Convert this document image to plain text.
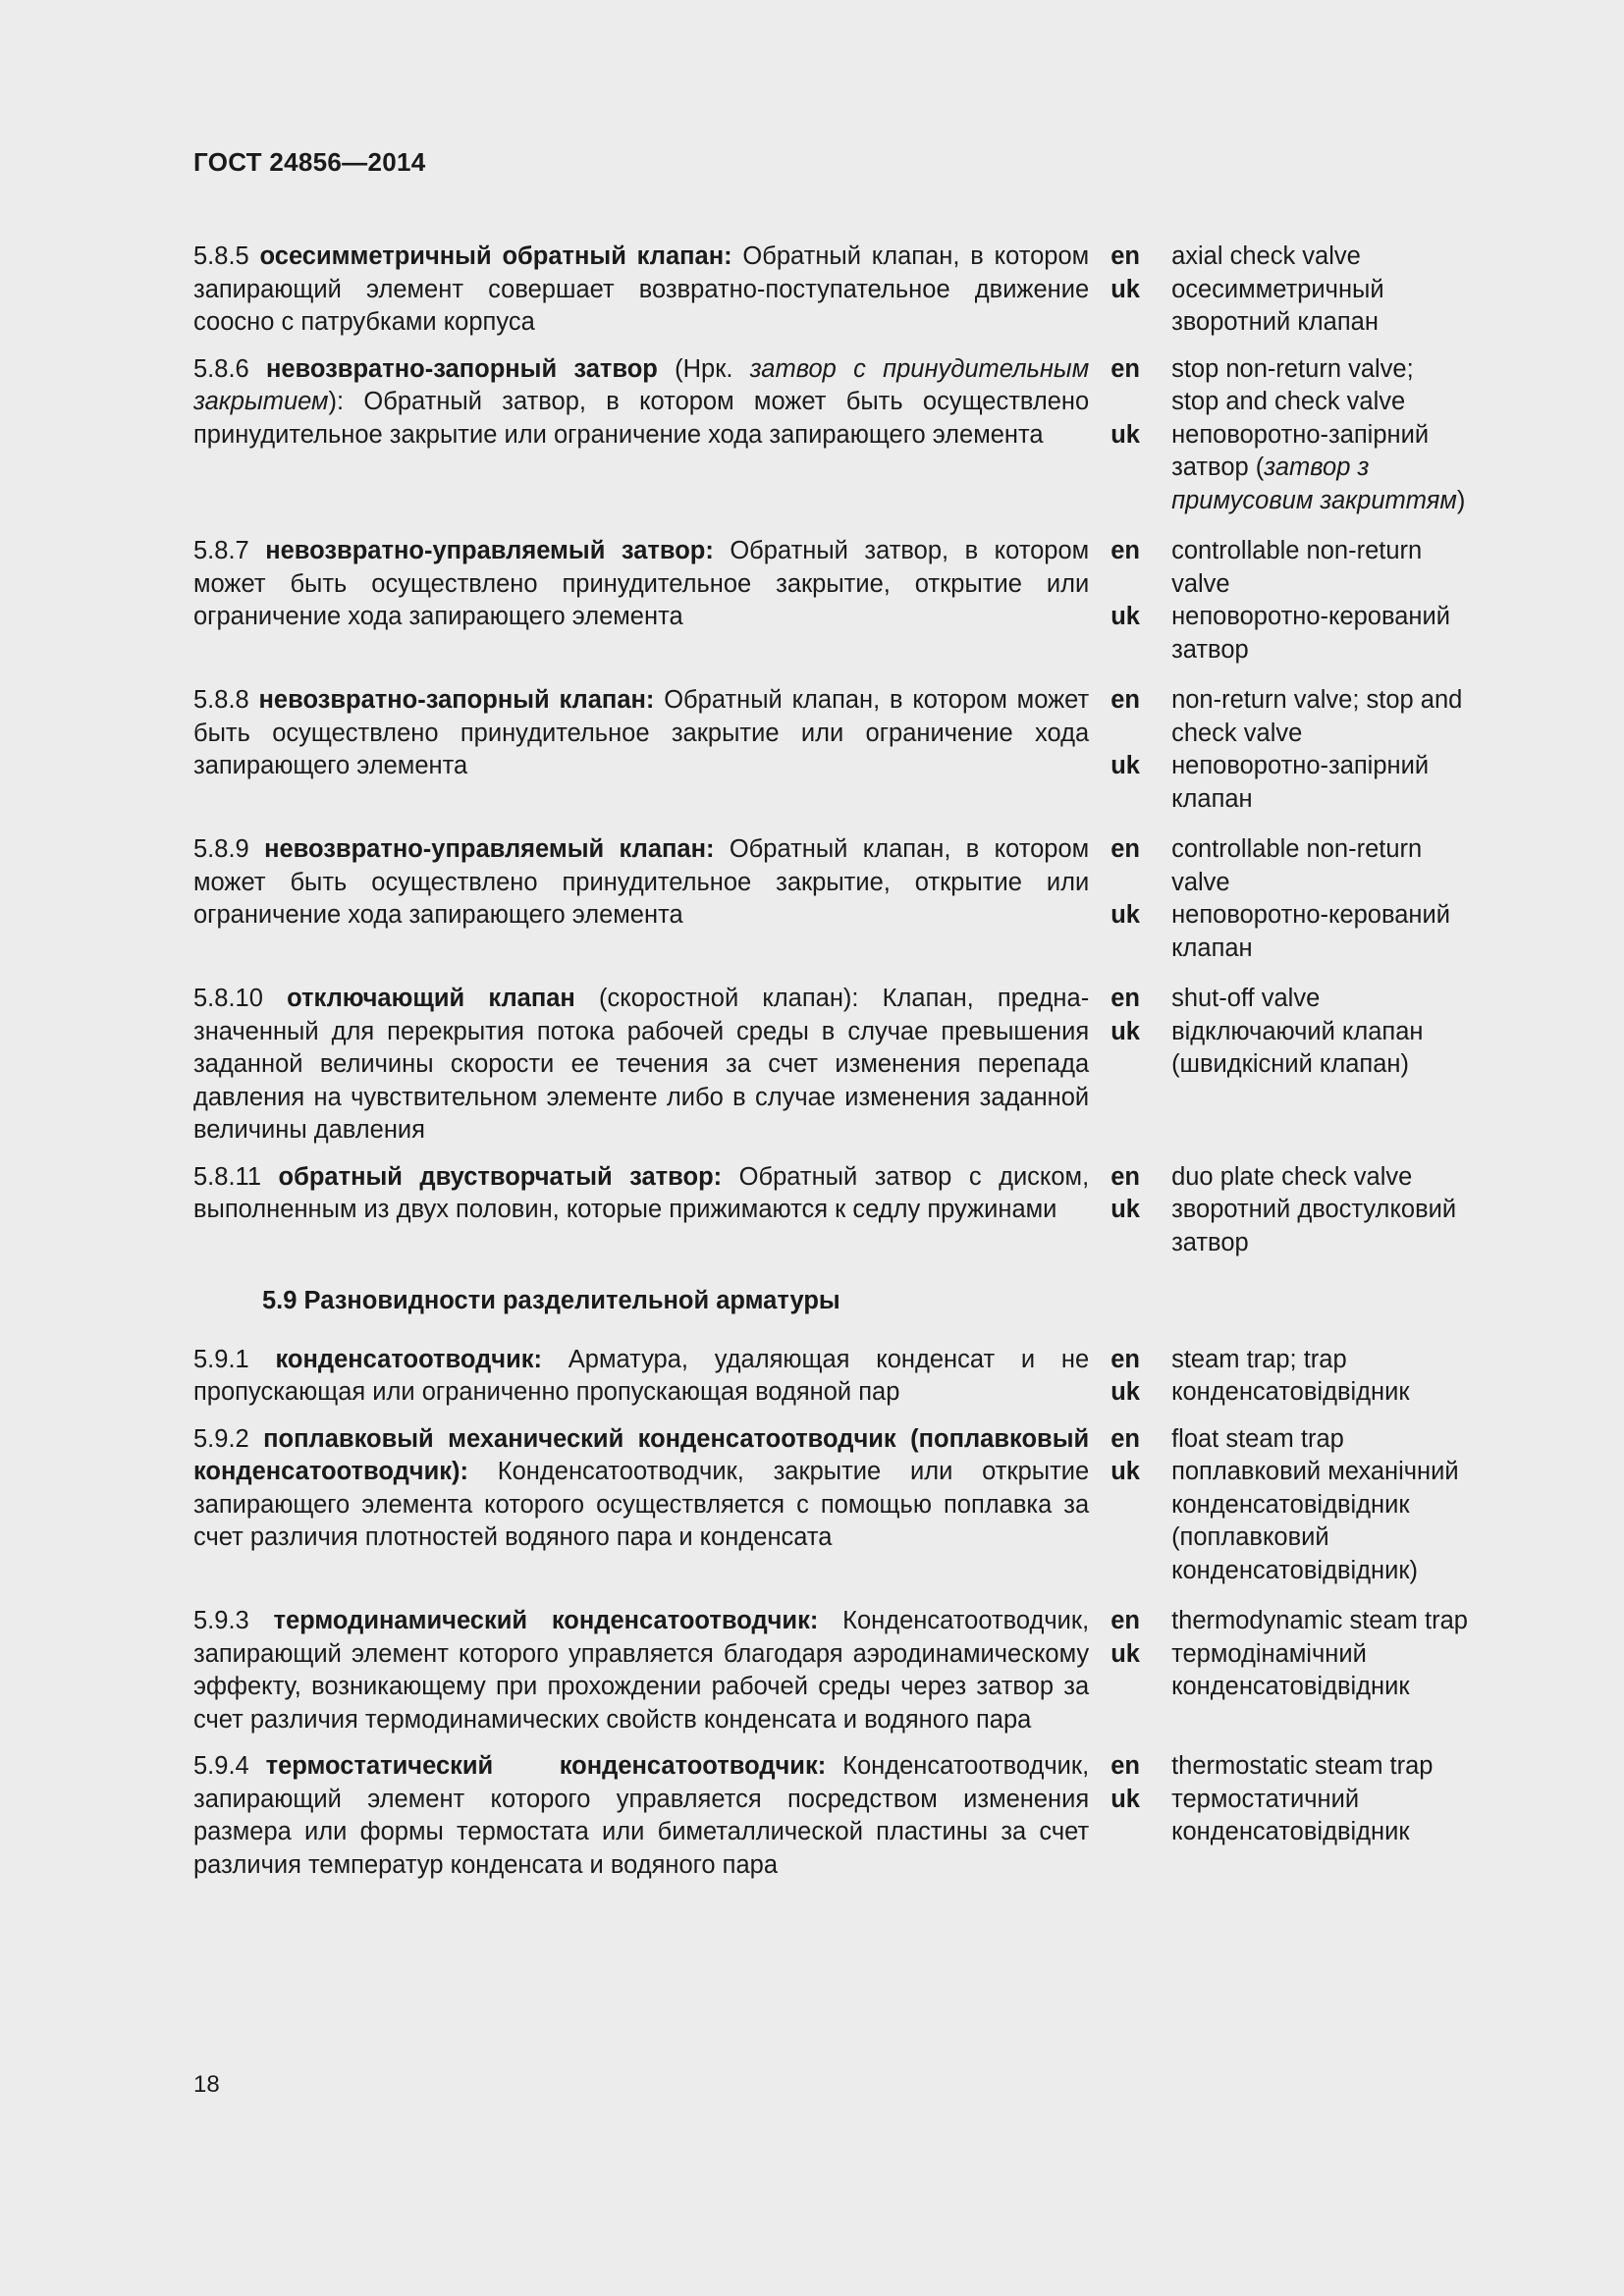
ГОСТ 24856—2014
5.8.5 осесимметричный обратный клапан: Обратный клапан, в котором запирающий элемент совершает возвратно-поступательное движение соосно с патрубками корпуса
en
uk
axial check valve
осесимметричный
зворотний клапан
5.8.6 невозвратно-запорный затвор (Нрк. затвор с принудительным закрытием): Обратный затвор, в котором может быть осуществлено принудительное закрытие или ограничение хода запирающего элемента
en
uk
stop non-return valve;
stop and check valve
неповоротно-запірний
затвор (затвор з примусовим закриттям)
5.8.7 невозвратно-управляемый затвор: Обратный затвор, в котором может быть осуществлено принудительное закрытие, открытие или ограничение хода запирающего элемента
en
uk
controllable non-return
valve
неповоротно-керований
затвор
5.8.8 невозвратно-запорный клапан: Обратный клапан, в котором может быть осуществлено принудительное закрытие или ограничение хода запирающего элемента
en
uk
non-return valve; stop and
check valve
неповоротно-запірний
клапан
5.8.9 невозвратно-управляемый клапан: Обратный клапан, в котором может быть осуществлено принудительное закрытие, открытие или ограничение хода запирающего элемента
en
uk
controllable non-return
valve
неповоротно-керований
клапан
5.8.10 отключающий клапан (скоростной клапан): Клапан, предназначенный для перекрытия потока рабочей среды в случае превышения заданной величины скорости ее течения за счет изменения перепада давления на чувствительном элементе либо в случае изменения заданной величины давления
en
uk
shut-off valve
відключаючий клапан
(швидкісний клапан)
5.8.11 обратный двустворчатый затвор: Обратный затвор с диском, выполненным из двух половин, которые прижимаются к седлу пружинами
en
uk
duo plate check valve
зворотний двостулковий
затвор
5.9 Разновидности разделительной арматуры
5.9.1 конденсатоотводчик: Арматура, удаляющая конденсат и не пропускающая или ограниченно пропускающая водяной пар
en
uk
steam trap; trap
конденсатовідвідник
5.9.2 поплавковый механический конденсатоотводчик (поплавковый конденсатоотводчик): Конденсатоотводчик, закрытие или открытие запирающего элемента которого осуществляется с помощью поплавка за счет различия плотностей водяного пара и конденсата
en
uk
float steam trap
поплавковий механічний
конденсатовідвідник
(поплавковий
конденсатовідвідник)
5.9.3 термодинамический конденсатоотводчик: Конденсатоотводчик, запирающий элемент которого управляется благодаря аэродинамическому эффекту, возникающему при прохождении рабочей среды через затвор за счет различия термодинамических свойств конденсата и водяного пара
en
uk
thermodynamic steam trap
термодінамічний
конденсатовідвідник
5.9.4 термостатический    конденсатоотводчик: Конденсатоотводчик, запирающий элемент которого управляется посредством изменения размера или формы термостата или биметаллической пластины за счет различия температур конденсата и водяного пара
en
uk
thermostatic steam trap
термостатичний
конденсатовідвідник
18
